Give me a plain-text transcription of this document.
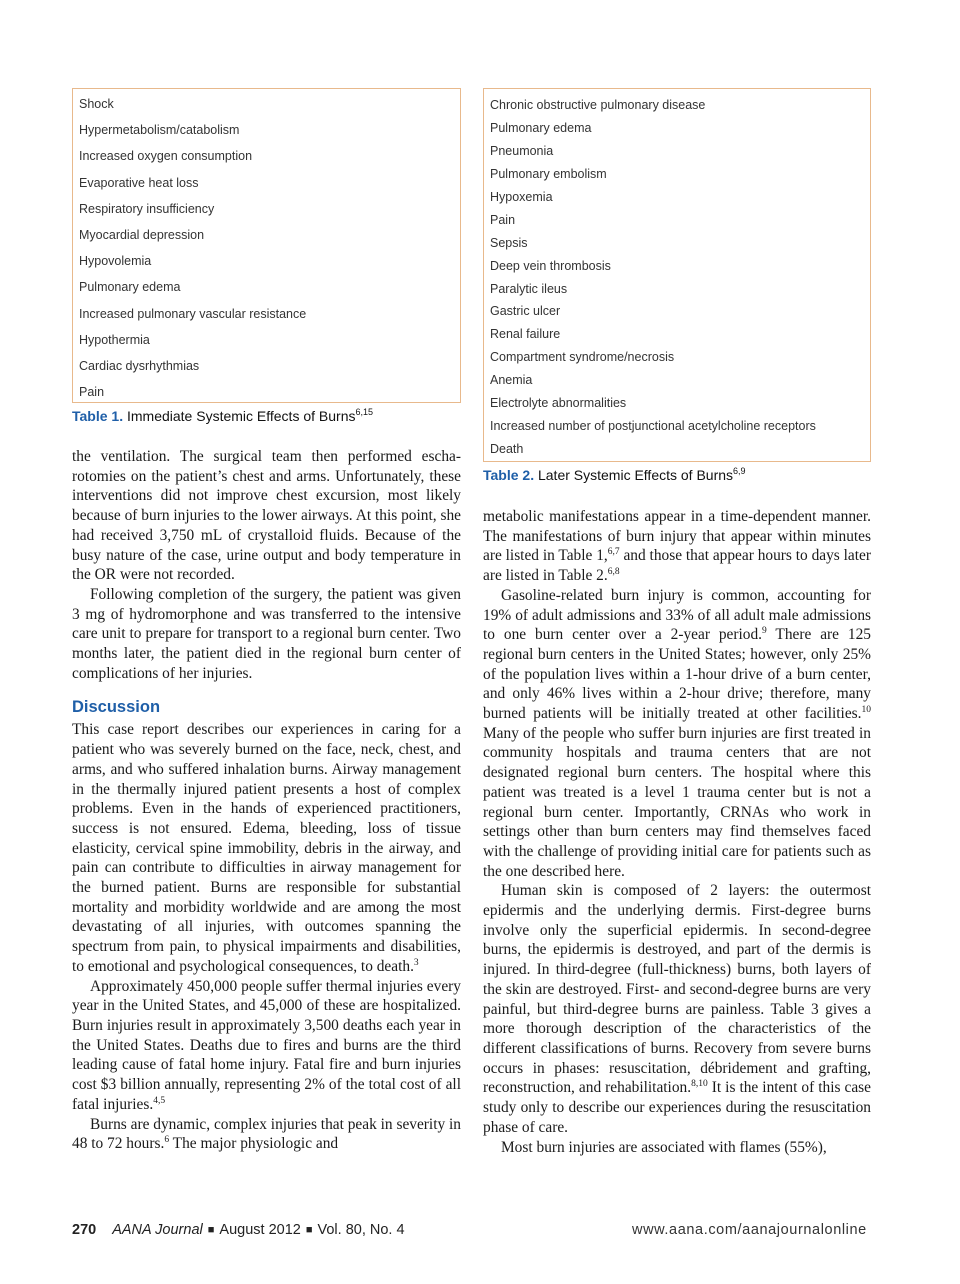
Shock
Hypermetabolism/catabolism
Increased oxygen consumption
Evaporative heat loss
Respiratory insufficiency
Myocardial depression
Hypovolemia
Pulmonary edema
Increased pulmonary vascular resistance
Hypothermia
Cardiac dysrhythmias
Pain
Table 1. Immediate Systemic Effects of Burns$^{6,15}$
Chronic obstructive pulmonary disease
Pulmonary edema
Pneumonia
Pulmonary embolism
Hypoxemia
Pain
Sepsis
Deep vein thrombosis
Paralytic ileus
Gastric ulcer
Renal failure
Compartment syndrome/necrosis
Anemia
Electrolyte abnormalities
Increased number of postjunctional acetylcholine receptors
Death
Table 2. Later Systemic Effects of Burns$^{6,9}$

the ventilation. The surgical team then performed escharotomies on the patient’s chest and arms. Unfortunately, these interventions did not improve chest excursion, most likely because of burn injuries to the lower airways. At this point, she had received 3,750 mL of crystalloid fluids. Because of the busy nature of the case, urine output and body temperature in the OR were not recorded.

Following completion of the surgery, the patient was given 3 mg of hydromorphone and was transferred to the intensive care unit to prepare for transport to a regional burn center. Two months later, the patient died in the regional burn center of complications of her injuries.

Discussion

This case report describes our experiences in caring for a patient who was severely burned on the face, neck, chest, and arms, and who suffered inhalation burns. Airway management in the thermally injured patient presents a host of complex problems. Even in the hands of experienced practitioners, success is not ensured. Edema, bleeding, loss of tissue elasticity, cervical spine immobility, debris in the airway, and pain can contribute to difficulties in airway management for the burned patient. Burns are responsible for substantial mortality and morbidity worldwide and are among the most devastating of all injuries, with outcomes spanning the spectrum from pain, to physical impairments and disabilities, to emotional and psychological consequences, to death.$^3$

Approximately 450,000 people suffer thermal injuries every year in the United States, and 45,000 of these are hospitalized. Burn injuries result in approximately 3,500 deaths each year in the United States. Deaths due to fires and burns are the third leading cause of fatal home injury. Fatal fire and burn injuries cost $3 billion annually, representing 2% of the total cost of all fatal injuries.$^{4,5}$

Burns are dynamic, complex injuries that peak in severity in 48 to 72 hours.$^6$ The major physiologic and

metabolic manifestations appear in a time-dependent manner. The manifestations of burn injury that appear within minutes are listed in Table 1,$^{6,7}$ and those that appear hours to days later are listed in Table 2.$^{6,8}$

Gasoline-related burn injury is common, accounting for 19% of adult admissions and 33% of all adult male admissions to one burn center over a 2-year period.$^9$ There are 125 regional burn centers in the United States; however, only 25% of the population lives within a 1-hour drive of a burn center, and only 46% lives within a 2-hour drive; therefore, many burned patients will be initially treated at other facilities.$^{10}$ Many of the people who suffer burn injuries are first treated in community hospitals and trauma centers that are not designated regional burn centers. The hospital where this patient was treated is a level 1 trauma center but is not a regional burn center. Importantly, CRNAs who work in settings other than burn centers may find themselves faced with the challenge of providing initial care for patients such as the one described here.

Human skin is composed of 2 layers: the outermost epidermis and the underlying dermis. First-degree burns involve only the superficial epidermis. In second-degree burns, the epidermis is destroyed, and part of the dermis is injured. In third-degree (full-thickness) burns, both layers of the skin are destroyed. First- and second-degree burns are very painful, but third-degree burns are painless. Table 3 gives a more thorough description of the characteristics of the different classifications of burns. Recovery from severe burns occurs in phases: resuscitation, débridement and grafting, reconstruction, and rehabilitation.$^{8,10}$ It is the intent of this case study only to describe our experiences during the resuscitation phase of care.

Most burn injuries are associated with flames (55%),

270 AANA Journal ■ August 2012 ■ Vol. 80, No. 4	www.aana.com/aanajournalonline
